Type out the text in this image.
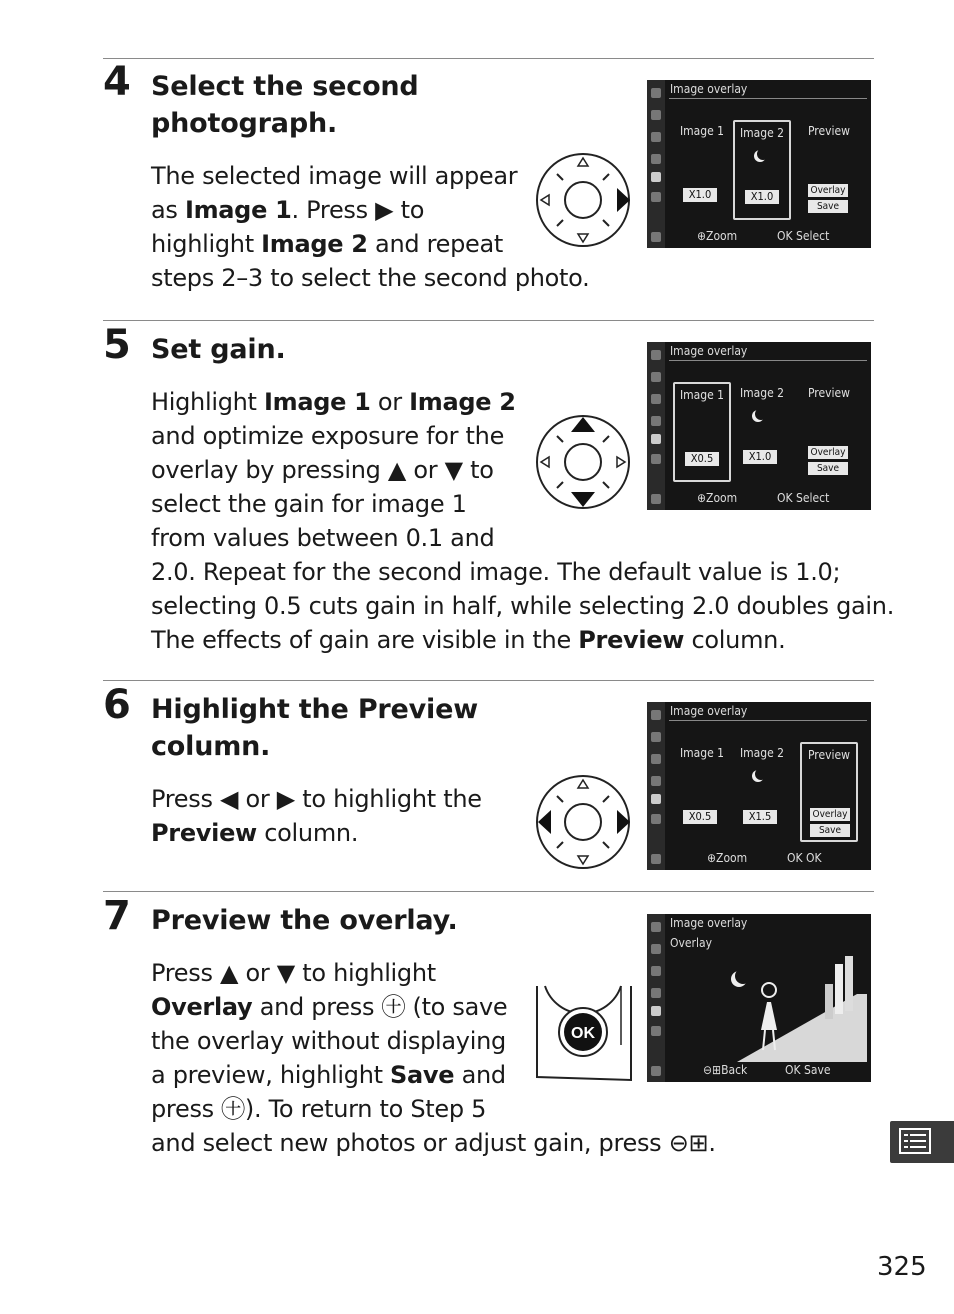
4 Select the second
photograph.
The selected image will appear
as Image 1. Press ▶ to
highlight Image 2 and repeat
steps 2–3 to select the second photo.
Image overlay
Image 1
X1.0
Image 2
X1.0
Preview
Overlay
Save
⊕Zoom	OK Select
5 Set gain.
Highlight Image 1 or Image 2
and optimize exposure for the
overlay by pressing ▲ or ▼ to
select the gain for image 1
from values between 0.1 and
2.0. Repeat for the second image. The default value is 1.0;
selecting 0.5 cuts gain in half, while selecting 2.0 doubles gain.
The effects of gain are visible in the Preview column.
Image overlay
Image 1
X0.5
Image 2
X1.0
Preview
Overlay
Save
⊕Zoom	OK Select
6 Highlight the Preview
column.
Press ◀ or ▶ to highlight the
Preview column.
Image overlay
Image 1
X0.5
Image 2
X1.5
Preview
Overlay
Save
⊕Zoom	OK OK
7 Preview the overlay.
Press ▲ or ▼ to highlight
Overlay and press ㊉ (to save
the overlay without displaying
a preview, highlight Save and
press ㊉). To return to Step 5
and select new photos or adjust gain, press ⊖⊞.
OK
Image overlay
Overlay
⊖⊞Back	OK Save
325
